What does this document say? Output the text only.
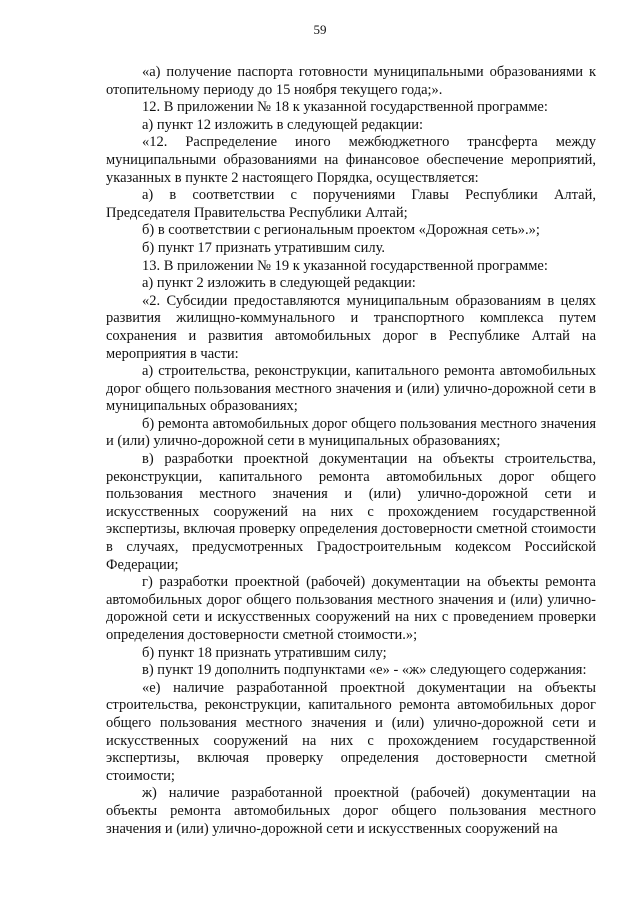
59

«а) получение паспорта готовности муниципальными образованиями к отопительному периоду до 15 ноября текущего года;».

12. В приложении № 18 к указанной государственной программе:

а) пункт 12 изложить в следующей редакции:

«12. Распределение иного межбюджетного трансферта между муниципальными образованиями на финансовое обеспечение мероприятий, указанных в пункте 2 настоящего Порядка, осуществляется:

а) в соответствии с поручениями Главы Республики Алтай, Председателя Правительства Республики Алтай;

б) в соответствии с региональным проектом «Дорожная сеть».»;

б) пункт 17 признать утратившим силу.

13. В приложении № 19 к указанной государственной программе:

а) пункт 2 изложить в следующей редакции:

«2. Субсидии предоставляются муниципальным образованиям в целях развития жилищно-коммунального и транспортного комплекса путем сохранения и развития автомобильных дорог в Республике Алтай на мероприятия в части:

а) строительства, реконструкции, капитального ремонта автомобильных дорог общего пользования местного значения и (или) улично-дорожной сети в муниципальных образованиях;

б) ремонта автомобильных дорог общего пользования местного значения и (или) улично-дорожной сети в муниципальных образованиях;

в) разработки проектной документации на объекты строительства, реконструкции, капитального ремонта автомобильных дорог общего пользования местного значения и (или) улично-дорожной сети и искусственных сооружений на них с прохождением государственной экспертизы, включая проверку определения достоверности сметной стоимости в случаях, предусмотренных Градостроительным кодексом Российской Федерации;

г) разработки проектной (рабочей) документации на объекты ремонта автомобильных дорог общего пользования местного значения и (или) улично-дорожной сети и искусственных сооружений на них с проведением проверки определения достоверности сметной стоимости.»;

б) пункт 18 признать утратившим силу;

в) пункт 19 дополнить подпунктами «е» - «ж» следующего содержания:

«е) наличие разработанной проектной документации на объекты строительства, реконструкции, капитального ремонта автомобильных дорог общего пользования местного значения и (или) улично-дорожной сети и искусственных сооружений на них с прохождением государственной экспертизы, включая проверку определения достоверности сметной стоимости;

ж) наличие разработанной проектной (рабочей) документации на объекты ремонта автомобильных дорог общего пользования местного значения и (или) улично-дорожной сети и искусственных сооружений на
